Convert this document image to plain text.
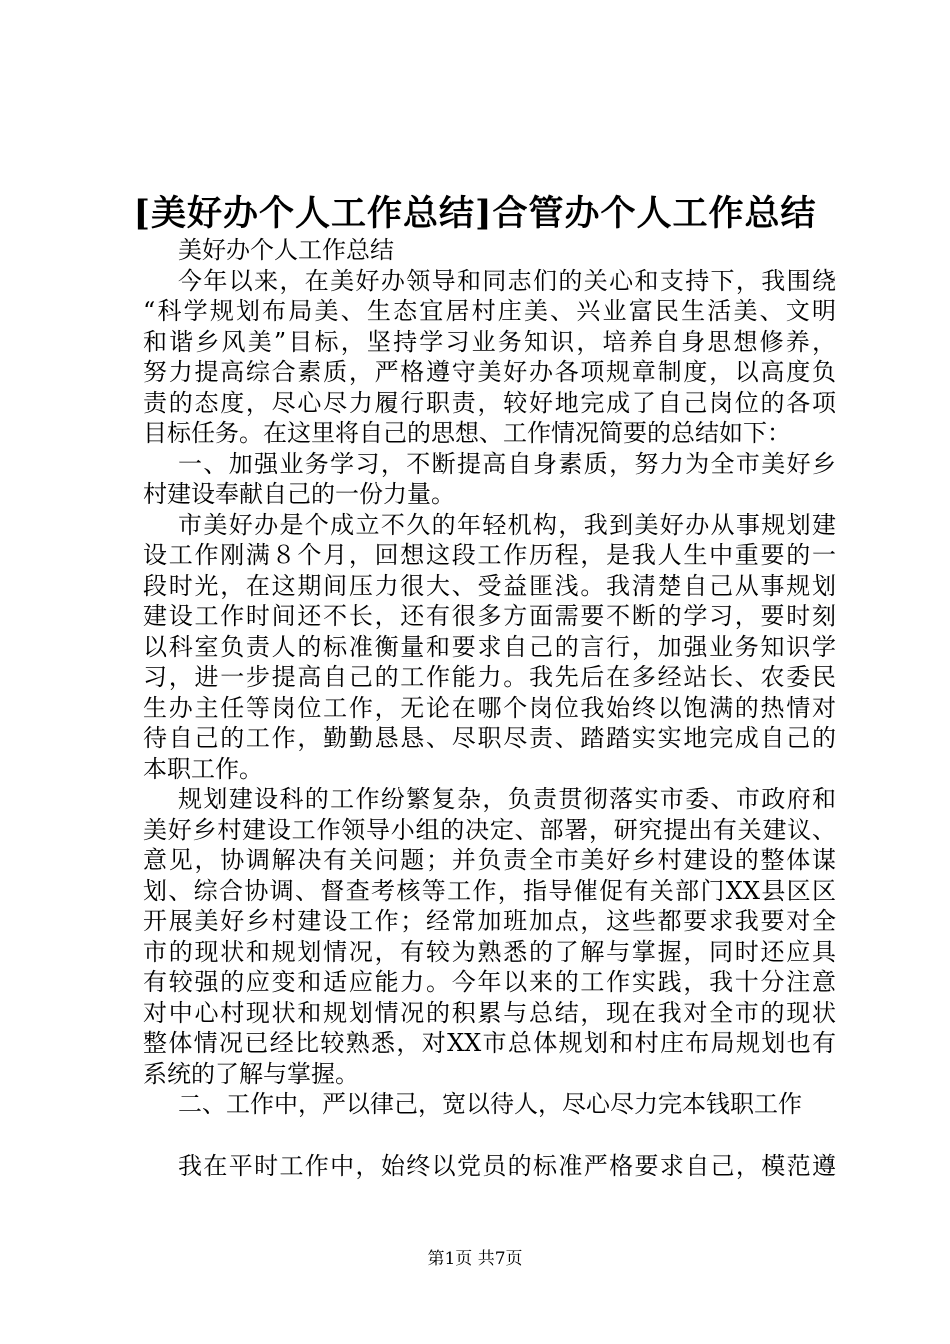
[美好办个人工作总结]合管办个人工作总结
美好办个人工作总结
今年以来，在美好办领导和同志们的关心和支持下，我围绕
“科学规划布局美、生态宜居村庄美、兴业富民生活美、文明
和谐乡风美”目标，坚持学习业务知识，培养自身思想修养，
努力提高综合素质，严格遵守美好办各项规章制度，以高度负
责的态度，尽心尽力履行职责，较好地完成了自己岗位的各项
目标任务。在这里将自己的思想、工作情况简要的总结如下：
一、加强业务学习，不断提高自身素质，努力为全市美好乡
村建设奉献自己的一份力量。
市美好办是个成立不久的年轻机构，我到美好办从事规划建
设工作刚满８个月，回想这段工作历程，是我人生中重要的一
段时光，在这期间压力很大、受益匪浅。我清楚自己从事规划
建设工作时间还不长，还有很多方面需要不断的学习，要时刻
以科室负责人的标准衡量和要求自己的言行，加强业务知识学
习，进一步提高自己的工作能力。我先后在多经站长、农委民
生办主任等岗位工作，无论在哪个岗位我始终以饱满的热情对
待自己的工作，勤勤恳恳、尽职尽责、踏踏实实地完成自己的
本职工作。
规划建设科的工作纷繁复杂，负责贯彻落实市委、市政府和
美好乡村建设工作领导小组的决定、部署，研究提出有关建议、
意见，协调解决有关问题；并负责全市美好乡村建设的整体谋
划、综合协调、督查考核等工作，指导催促有关部门XX县区区
开展美好乡村建设工作；经常加班加点，这些都要求我要对全
市的现状和规划情况，有较为熟悉的了解与掌握，同时还应具
有较强的应变和适应能力。今年以来的工作实践，我十分注意
对中心村现状和规划情况的积累与总结，现在我对全市的现状
整体情况已经比较熟悉，对XX市总体规划和村庄布局规划也有
系统的了解与掌握。
二、工作中，严以律己，宽以待人，尽心尽力完本钱职工作
我在平时工作中，始终以党员的标准严格要求自己，模范遵
第1页 共7页
